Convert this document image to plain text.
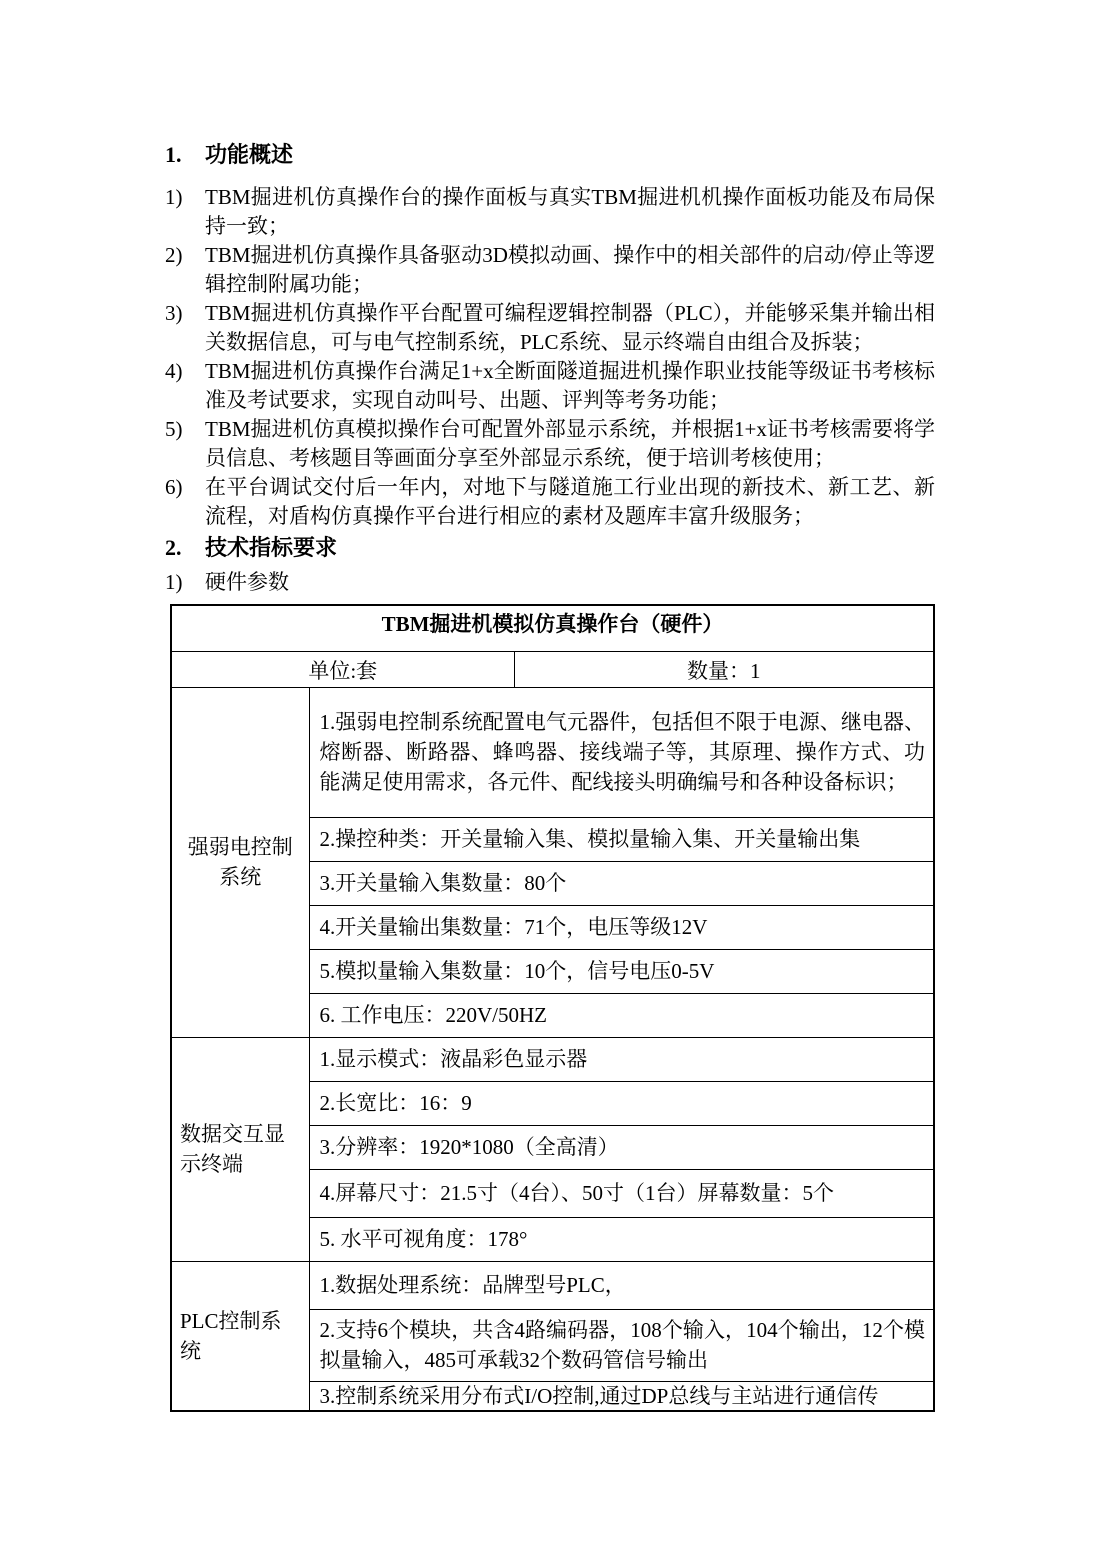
1.	功能概述
1)	TBM掘进机仿真操作台的操作面板与真实TBM掘进机机操作面板功能及布局保持一致；
2)	TBM掘进机仿真操作具备驱动3D模拟动画、操作中的相关部件的启动/停止等逻辑控制附属功能；
3)	TBM掘进机仿真操作平台配置可编程逻辑控制器（PLC），并能够采集并输出相关数据信息，可与电气控制系统，PLC系统、显示终端自由组合及拆装；
4)	TBM掘进机仿真操作台满足1+x全断面隧道掘进机操作职业技能等级证书考核标准及考试要求，实现自动叫号、出题、评判等考务功能；
5)	TBM掘进机仿真模拟操作台可配置外部显示系统，并根据1+x证书考核需要将学员信息、考核题目等画面分享至外部显示系统，便于培训考核使用；
6)	在平台调试交付后一年内，对地下与隧道施工行业出现的新技术、新工艺、新流程，对盾构仿真操作平台进行相应的素材及题库丰富升级服务；
2.	技术指标要求
1)	硬件参数
TBM掘进机模拟仿真操作台（硬件）		
单位:套		数量：1
强弱电控制系统	1.强弱电控制系统配置电气元器件，包括但不限于电源、继电器、熔断器、断路器、蜂鸣器、接线端子等，其原理、操作方式、功能满足使用需求，各元件、配线接头明确编号和各种设备标识；	
	2.操控种类：开关量输入集、模拟量输入集、开关量输出集	
	3.开关量输入集数量：80个	
	4.开关量输出集数量：71个，电压等级12V	
	5.模拟量输入集数量：10个，信号电压0-5V	
	6. 工作电压：220V/50HZ	
数据交互显示终端	1.显示模式：液晶彩色显示器	
	2.长宽比：16：9	
	3.分辨率：1920*1080（全高清）	
	4.屏幕尺寸：21.5寸（4台）、50寸（1台）屏幕数量：5个	
	5. 水平可视角度：178°	
PLC控制系统	1.数据处理系统：品牌型号PLC，	
	2.支持6个模块，共含4路编码器，108个输入，104个输出，12个模拟量输入，485可承载32个数码管信号输出	
	3.控制系统采用分布式I/O控制,通过DP总线与主站进行通信传	
